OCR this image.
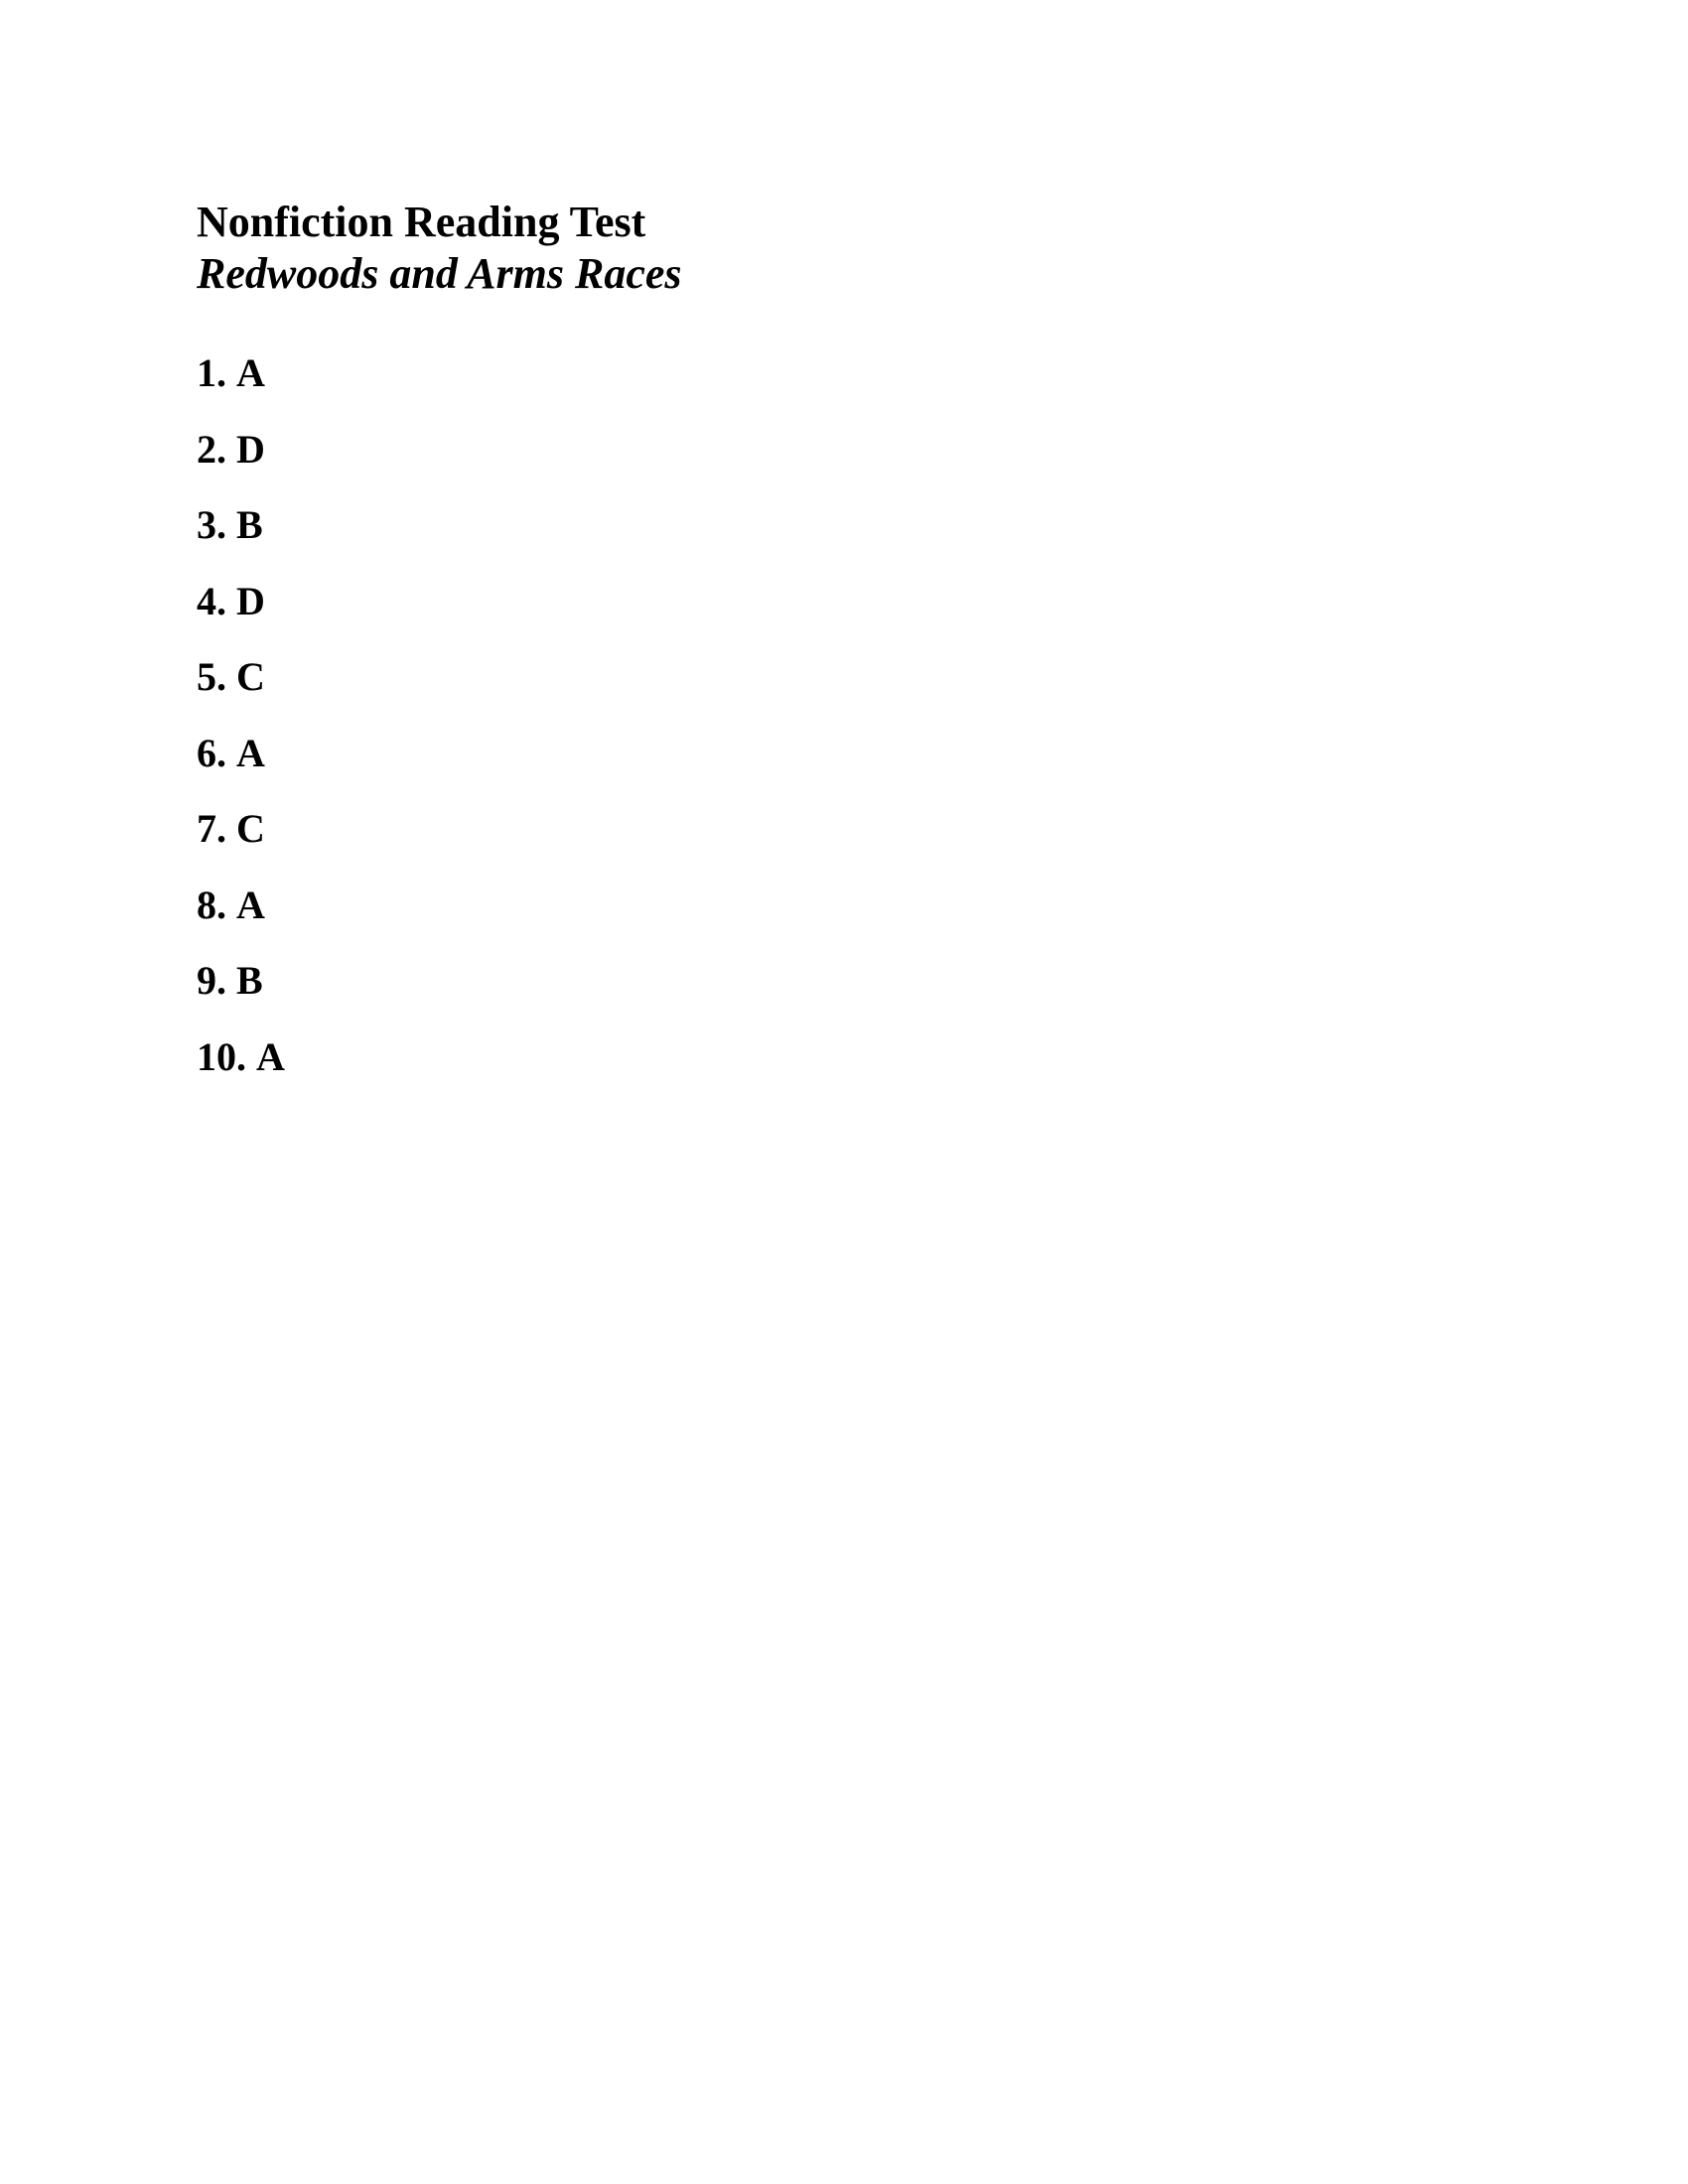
Nonfiction Reading Test
Redwoods and Arms Races
1. A
2. D
3. B
4. D
5. C
6. A
7. C
8. A
9. B
10. A
